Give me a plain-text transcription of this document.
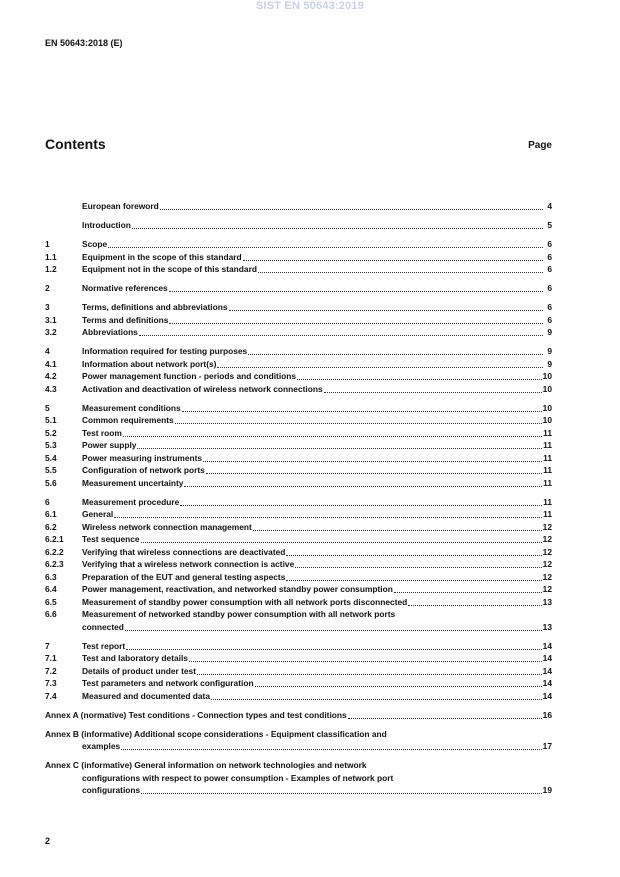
SIST EN 50643:2019
EN 50643:2018 (E)
Contents	Page
European foreword	4
Introduction	5
1	Scope	6
1.1	Equipment in the scope of this standard	6
1.2	Equipment not in the scope of this standard	6
2	Normative references	6
3	Terms, definitions and abbreviations	6
3.1	Terms and definitions	6
3.2	Abbreviations	9
4	Information required for testing purposes	9
4.1	Information about network port(s)	9
4.2	Power management function - periods and conditions	10
4.3	Activation and deactivation of wireless network connections	10
5	Measurement conditions	10
5.1	Common requirements	10
5.2	Test room	11
5.3	Power supply	11
5.4	Power measuring instruments	11
5.5	Configuration of network ports	11
5.6	Measurement uncertainty	11
6	Measurement procedure	11
6.1	General	11
6.2	Wireless network connection management	12
6.2.1	Test sequence	12
6.2.2	Verifying that wireless connections are deactivated	12
6.2.3	Verifying that a wireless network connection is active	12
6.3	Preparation of the EUT and general testing aspects	12
6.4	Power management, reactivation, and networked standby power consumption	12
6.5	Measurement of standby power consumption with all network ports disconnected	13
6.6	Measurement of networked standby power consumption with all network ports
connected	13
7	Test report	14
7.1	Test and laboratory details	14
7.2	Details of product under test	14
7.3	Test parameters and network configuration	14
7.4	Measured and documented data	14
Annex A (normative) Test conditions - Connection types and test conditions	16
Annex B (informative) Additional scope considerations - Equipment classification and
examples	17
Annex C (informative) General information on network technologies and network
configurations with respect to power consumption - Examples of network port
configurations	19
2
